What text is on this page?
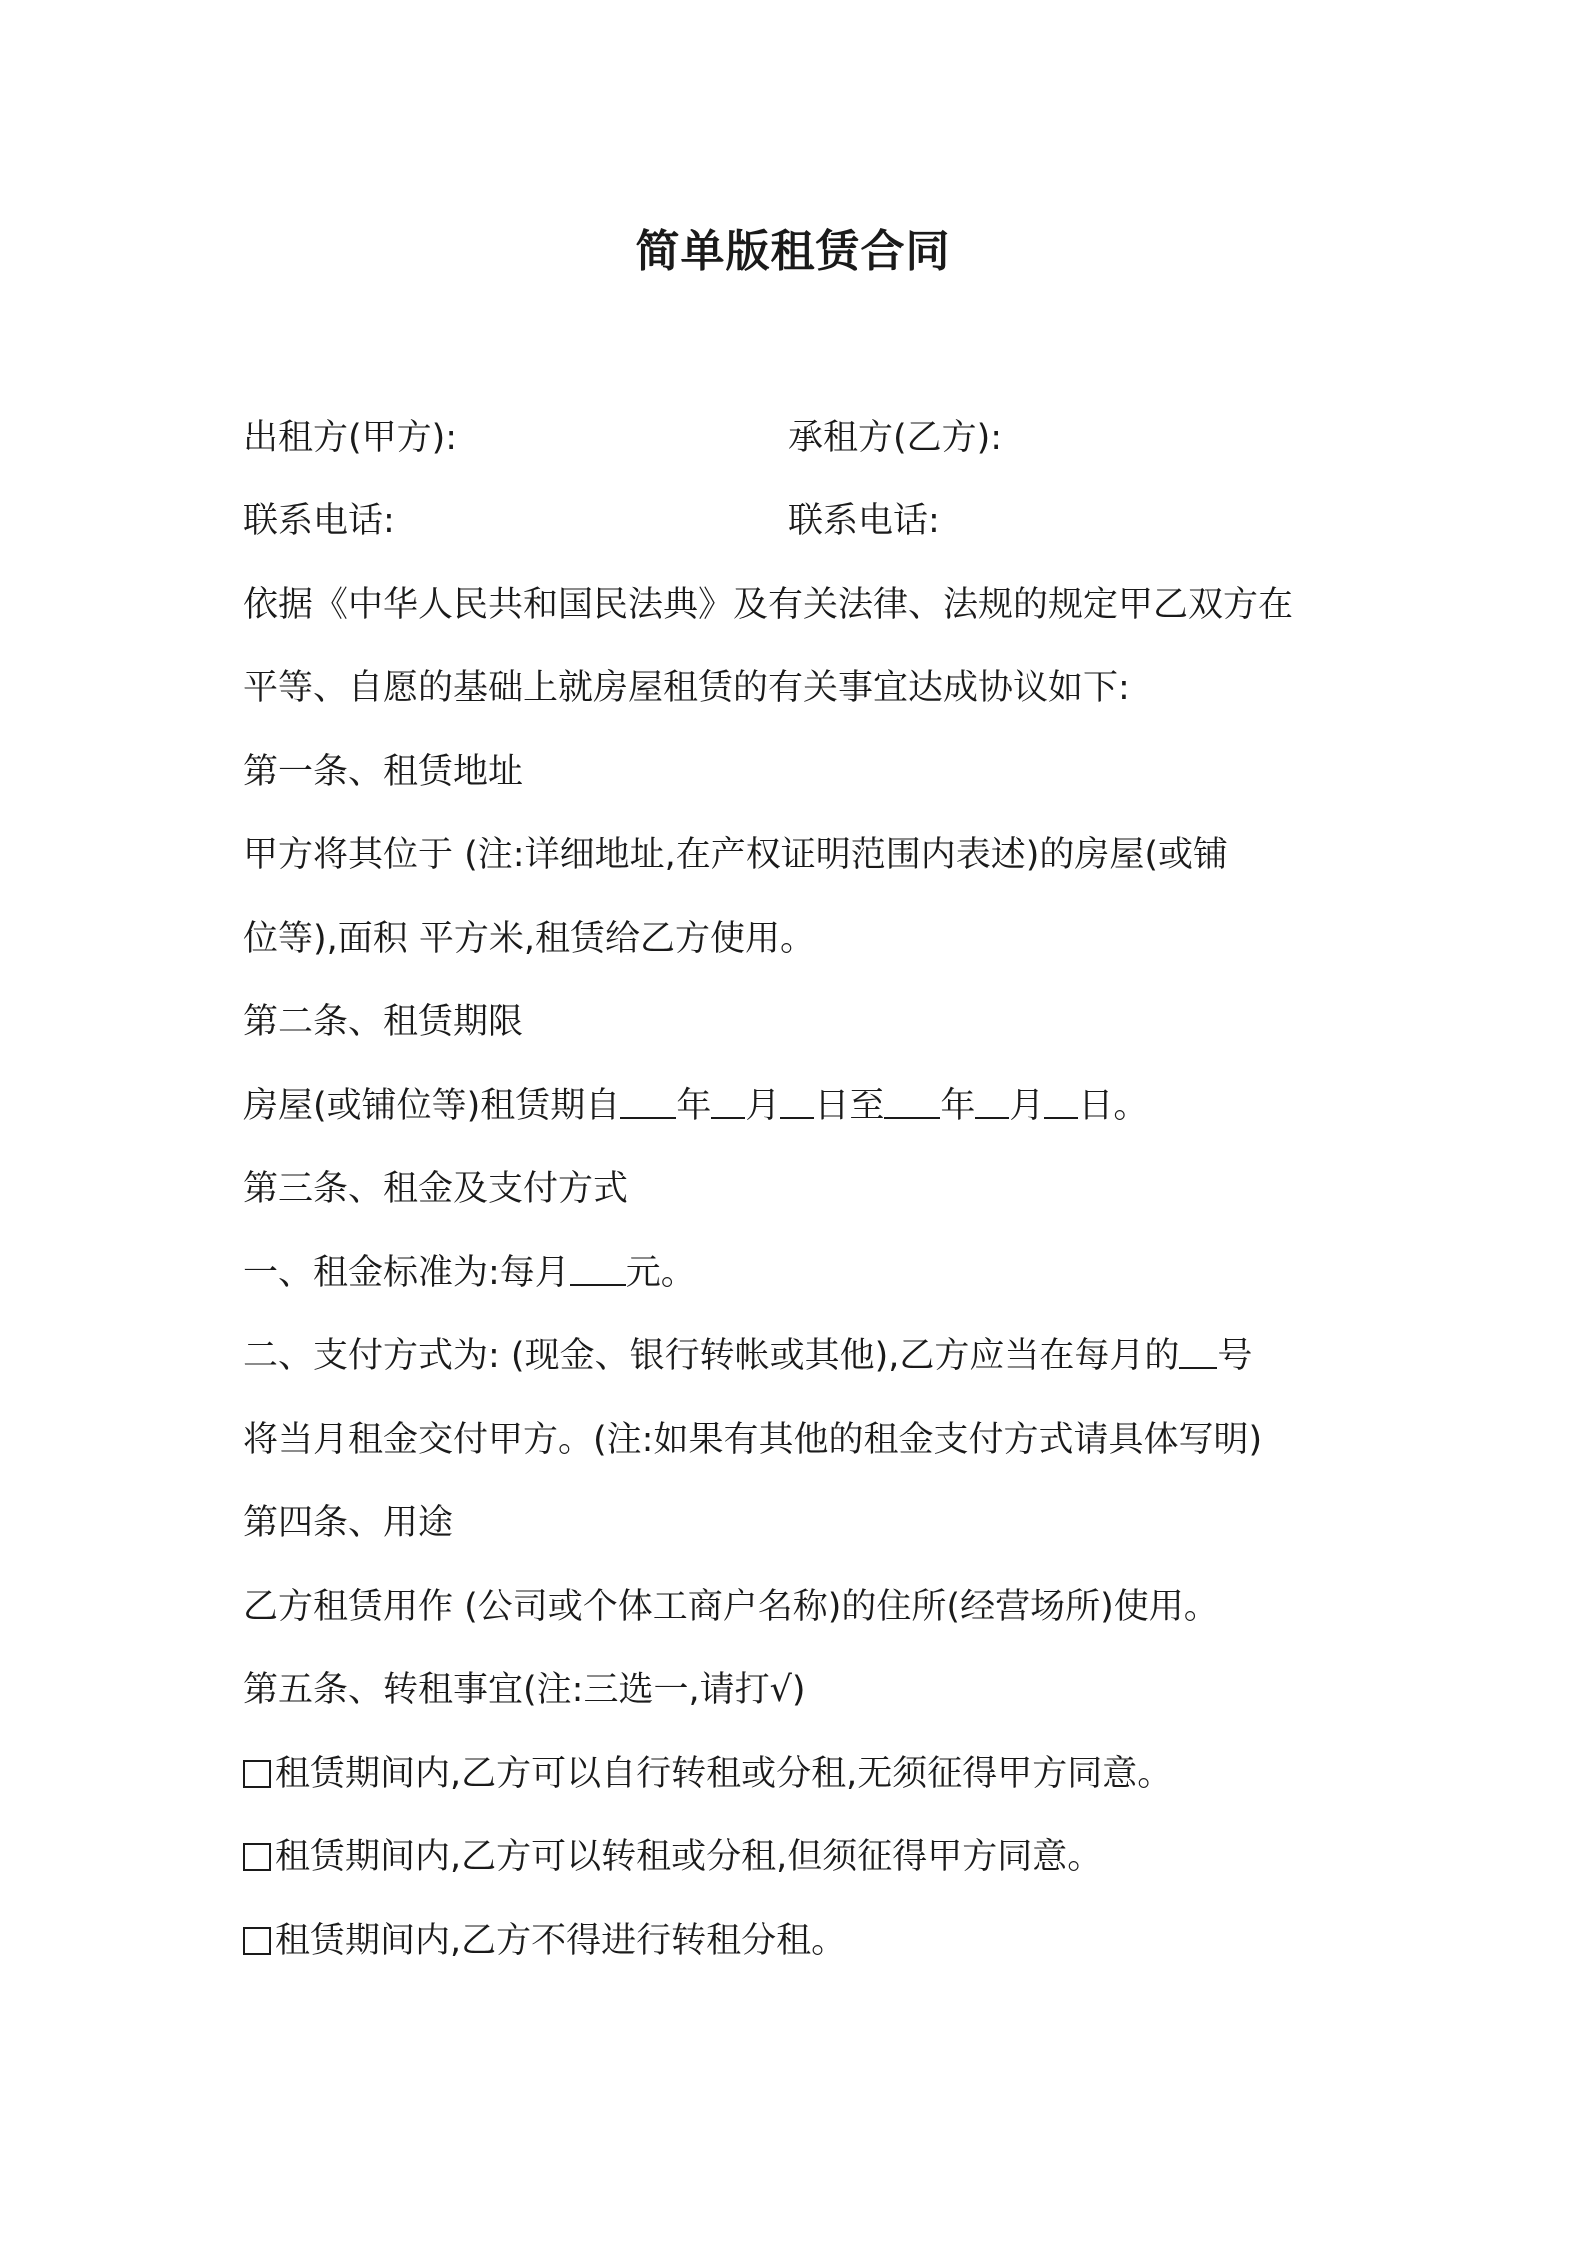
简单版租赁合同
出租方(甲方):	承租方(乙方):
联系电话:	联系电话:
依据《中华人民共和国民法典》及有关法律、法规的规定甲乙双方在
平等、自愿的基础上就房屋租赁的有关事宜达成协议如下:
第一条、租赁地址
甲方将其位于 (注:详细地址,在产权证明范围内表述)的房屋(或铺
位等),面积 平方米,租赁给乙方使用。
第二条、租赁期限
房屋(或铺位等)租赁期自 年 月 日至 年 月 日。
第三条、租金及支付方式
一、租金标准为:每月 元。
二、支付方式为: (现金、银行转帐或其他),乙方应当在每月的 号
将当月租金交付甲方。(注:如果有其他的租金支付方式请具体写明)
第四条、用途
乙方租赁用作 (公司或个体工商户名称)的住所(经营场所)使用。
第五条、转租事宜(注:三选一,请打√)
租赁期间内,乙方可以自行转租或分租,无须征得甲方同意。
租赁期间内,乙方可以转租或分租,但须征得甲方同意。
租赁期间内,乙方不得进行转租分租。
